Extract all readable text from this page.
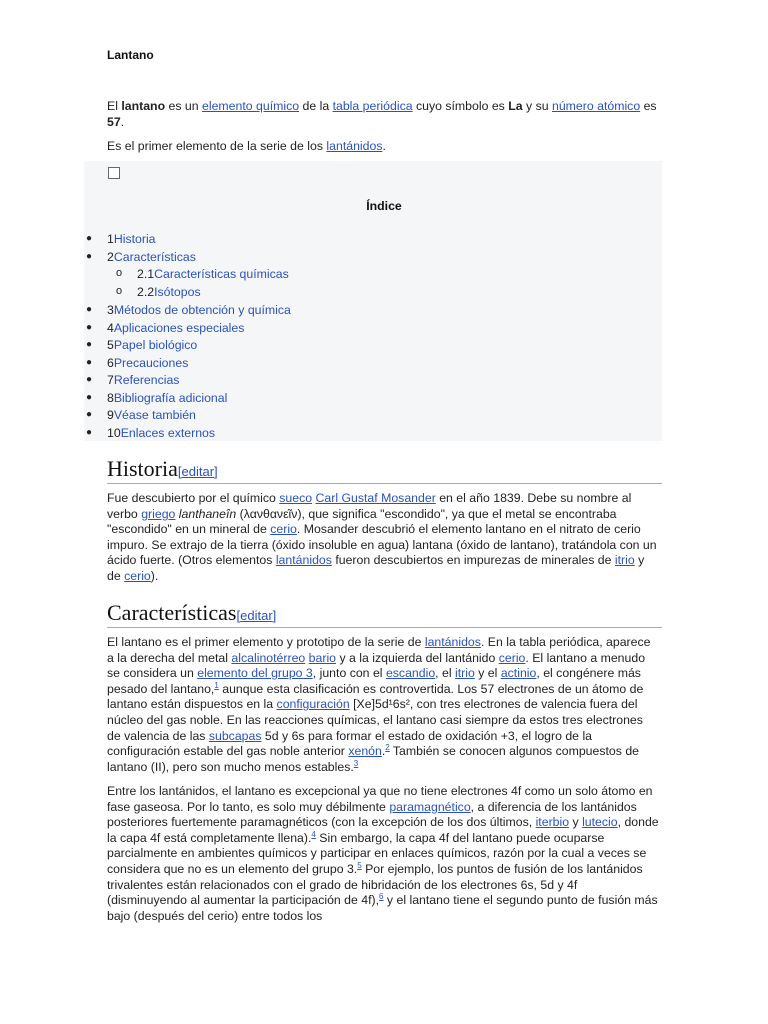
Lantano
El lantano es un elemento químico de la tabla periódica cuyo símbolo es La y su número atómico es 57.
Es el primer elemento de la serie de los lantánidos.
Índice
● 1Historia
● 2Características
o 2.1Características químicas
o 2.2Isótopos
● 3Métodos de obtención y química
● 4Aplicaciones especiales
● 5Papel biológico
● 6Precauciones
● 7Referencias
● 8Bibliografía adicional
● 9Véase también
● 10Enlaces externos
Historia[editar]
Fue descubierto por el químico sueco Carl Gustaf Mosander en el año 1839. Debe su nombre al verbo griego lanthaneîn (λανθανεῖν), que significa "escondido", ya que el metal se encontraba "escondido" en un mineral de cerio. Mosander descubrió el elemento lantano en el nitrato de cerio impuro. Se extrajo de la tierra (óxido insoluble en agua) lantana (óxido de lantano), tratándola con un ácido fuerte. (Otros elementos lantánidos fueron descubiertos en impurezas de minerales de itrio y de cerio).
Características[editar]
El lantano es el primer elemento y prototipo de la serie de lantánidos. En la tabla periódica, aparece a la derecha del metal alcalinotérreo bario y a la izquierda del lantánido cerio. El lantano a menudo se considera un elemento del grupo 3, junto con el escandio, el itrio y el actinio, el congénere más pesado del lantano,$^1$ aunque esta clasificación es controvertida. Los 57 electrones de un átomo de lantano están dispuestos en la configuración [Xe]5d¹6s², con tres electrones de valencia fuera del núcleo del gas noble. En las reacciones químicas, el lantano casi siempre da estos tres electrones de valencia de las subcapas 5d y 6s para formar el estado de oxidación +3, el logro de la configuración estable del gas noble anterior xenón.$^2$ También se conocen algunos compuestos de lantano (II), pero son mucho menos estables.$^3$
Entre los lantánidos, el lantano es excepcional ya que no tiene electrones 4f como un solo átomo en fase gaseosa. Por lo tanto, es solo muy débilmente paramagnético, a diferencia de los lantánidos posteriores fuertemente paramagnéticos (con la excepción de los dos últimos, iterbio y lutecio, donde la capa 4f está completamente llena).$^4$ Sin embargo, la capa 4f del lantano puede ocuparse parcialmente en ambientes químicos y participar en enlaces químicos, razón por la cual a veces se considera que no es un elemento del grupo 3.$^5$ Por ejemplo, los puntos de fusión de los lantánidos trivalentes están relacionados con el grado de hibridación de los electrones 6s, 5d y 4f (disminuyendo al aumentar la participación de 4f),$^6$ y el lantano tiene el segundo punto de fusión más bajo (después del cerio) entre todos los
